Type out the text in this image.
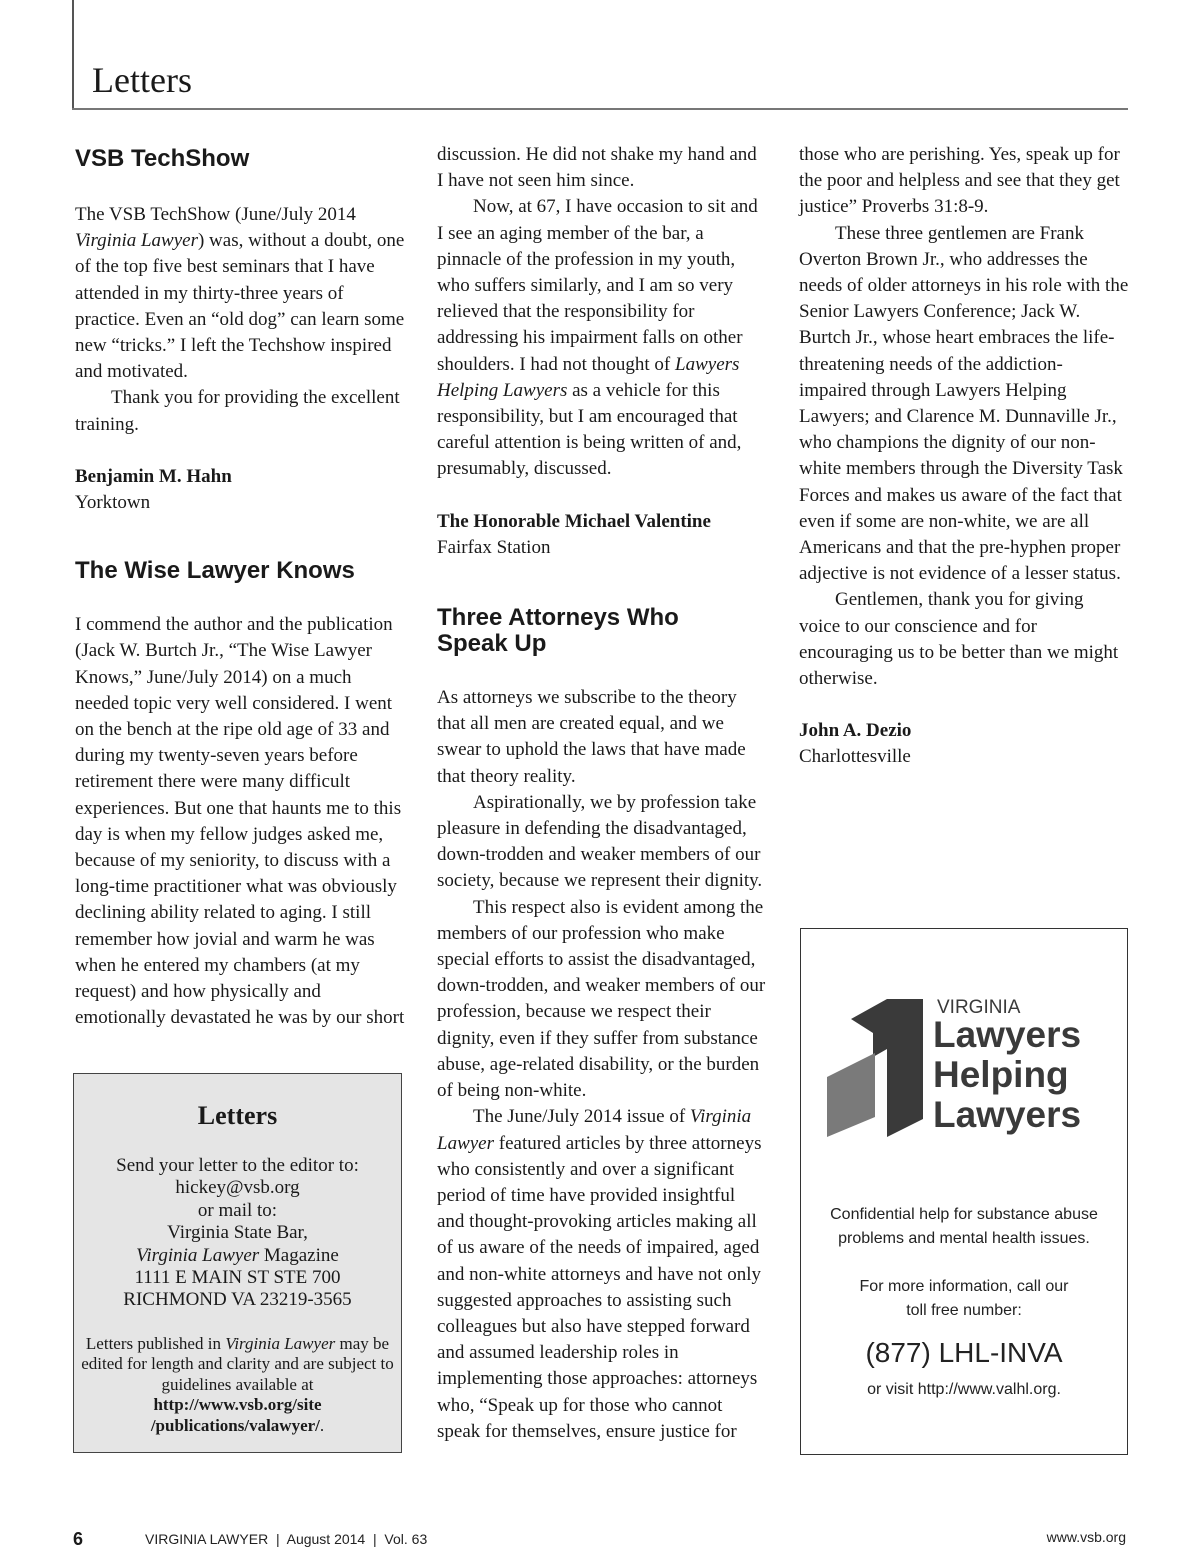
Letters
VSB TechShow

The VSB TechShow (June/July 2014 Virginia Lawyer) was, without a doubt, one of the top five best seminars that I have attended in my thirty-three years of practice. Even an “old dog” can learn some new “tricks.” I left the Techshow inspired and motivated.

Thank you for providing the excellent training.

Benjamin M. Hahn

Yorktown

The Wise Lawyer Knows

I commend the author and the publication (Jack W. Burtch Jr., “The Wise Lawyer Knows,” June/July 2014) on a much needed topic very well considered. I went on the bench at the ripe old age of 33 and during my twenty-seven years before retirement there were many difficult experiences. But one that haunts me to this day is when my fellow judges asked me, because of my seniority, to discuss with a long-time practitioner what was obviously declining ability related to aging. I still remember how jovial and warm he was when he entered my chambers (at my request) and how physically and emotionally devastated he was by our short

discussion. He did not shake my hand and I have not seen him since.

Now, at 67, I have occasion to sit and I see an aging member of the bar, a pinnacle of the profession in my youth, who suffers similarly, and I am so very relieved that the responsibility for addressing his impairment falls on other shoulders. I had not thought of Lawyers Helping Lawyers as a vehicle for this responsibility, but I am encouraged that careful attention is being written of and, presumably, discussed.

The Honorable Michael Valentine

Fairfax Station

Three Attorneys Who
Speak Up

As attorneys we subscribe to the theory that all men are created equal, and we swear to uphold the laws that have made that theory reality.

Aspirationally, we by profession take pleasure in defending the disadvantaged, down-trodden and weaker members of our society, because we represent their dignity.

This respect also is evident among the members of our profession who make special efforts to assist the disadvantaged, down-trodden, and weaker members of our profession, because we respect their dignity, even if they suffer from substance abuse, age-related disability, or the burden of being non-white.

The June/July 2014 issue of Virginia Lawyer featured articles by three attorneys who consistently and over a significant period of time have provided insightful and thought-provoking articles making all of us aware of the needs of impaired, aged and non-white attorneys and have not only suggested approaches to assisting such colleagues but also have stepped forward and assumed leadership roles in implementing those approaches: attorneys who, “Speak up for those who cannot speak for themselves, ensure justice for

those who are perishing. Yes, speak up for the poor and helpless and see that they get justice” Proverbs 31:8-9.

These three gentlemen are Frank Overton Brown Jr., who addresses the needs of older attorneys in his role with the Senior Lawyers Conference; Jack W. Burtch Jr., whose heart embraces the life-threatening needs of the addiction-impaired through Lawyers Helping Lawyers; and Clarence M. Dunnaville Jr., who champions the dignity of our non-white members through the Diversity Task Forces and makes us aware of the fact that even if some are non-white, we are all Americans and that the pre-hyphen proper adjective is not evidence of a lesser status.

Gentlemen, thank you for giving voice to our conscience and for encouraging us to be better than we might otherwise.

John A. Dezio

Charlottesville

Letters
Send your letter to the editor to:
hickey@vsb.org
or mail to:
Virginia State Bar,
Virginia Lawyer Magazine
1111 E MAIN ST STE 700
RICHMOND VA 23219-3565
Letters published in Virginia Lawyer may be edited for length and clarity and are subject to guidelines available at
http://www.vsb.org/site
/publications/valawyer/.
VIRGINIA
Lawyers
Helping
Lawyers
Confidential help for substance abuse
problems and mental health issues.
For more information, call our
toll free number:
(877) LHL-INVA
or visit http://www.valhl.org.
6	VIRGINIA LAWYER  |  August 2014  |  Vol. 63	www.vsb.org
